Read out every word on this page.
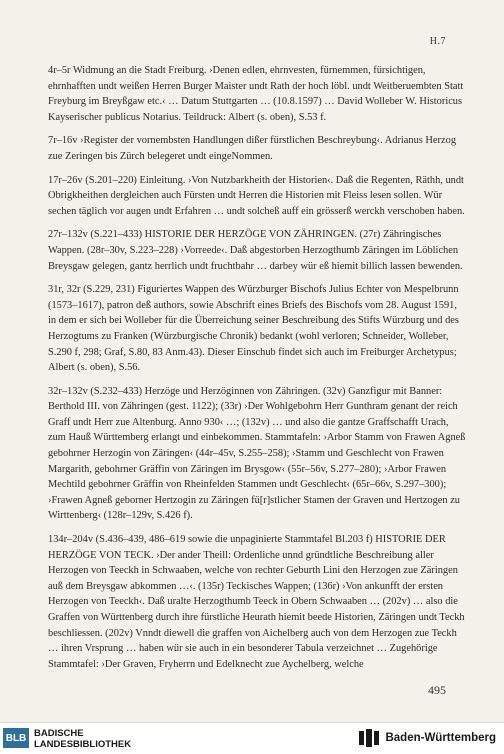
H.7

4r–5r Widmung an die Stadt Freiburg. ›Denen edlen, ehrnvesten, fürnemmen, fürsichtigen, ehrnhafften undt weißen Herren Burger Maister undt Rath der hoch löbl. undt Weitberuembten Statt Freyburg im Breyßgaw etc.‹ … Datum Stuttgarten … (10.8.1597) … David Wolleber W. Historicus Kayserischer publicus Notarius. Teildruck: Albert (s. oben), S.53 f.

7r–16v ›Register der vornembsten Handlungen dißer fürstlichen Beschreybung‹. Adrianus Herzog zue Zeringen bis Zürch belegeret undt eingeNommen.

17r–26v (S.201–220) Einleitung. ›Von Nutzbarkheith der Historien‹. Daß die Regenten, Räthh, undt Obrigkheithen dergleichen auch Fürsten undt Herren die Historien mit Fleiss lesen sollen. Wür sechen täglich vor augen undt Erfahren … undt solcheß auff ein grösserß werckh verschoben haben.

27r–132v (S.221–433) HISTORIE DER HERZÖGE VON ZÄHRINGEN. (27r) Zähringisches Wappen. (28r–30v, S.223–228) ›Vorreede‹. Daß abgestorben Herzogthumb Zäringen im Löblichen Breysgaw gelegen, gantz herrlich undt fruchtbahr … darbey wür eß hiemit billich lassen bewenden.

31r, 32r (S.229, 231) Figuriertes Wappen des Würzburger Bischofs Julius Echter von Mespelbrunn (1573–1617), patron deß authors, sowie Abschrift eines Briefs des Bischofs vom 28. August 1591, in dem er sich bei Wolleber für die Überreichung seiner Beschreibung des Stifts Würzburg und des Herzogtums zu Franken (Würzburgische Chronik) bedankt (wohl verloren; Schneider, Wolleber, S.290 f, 298; Graf, S.80, 83 Anm.43). Dieser Einschub findet sich auch im Freiburger Archetypus; Albert (s. oben), S.56.

32r–132v (S.232–433) Herzöge und Herzöginnen von Zähringen. (32v) Ganzfigur mit Banner: Berthold III. von Zähringen (gest. 1122); (33r) ›Der Wohlgebohrn Herr Gunthram genant der reich Graff undt Herr zue Altenburg. Anno 930‹ …; (132v) … und also die gantze Graffschafft Urach, zum Hauß Württemberg erlangt und einbekommen. Stammtafeln: ›Arbor Stamm von Frawen Agneß gebohrner Herzogin von Zäringen‹ (44r–45v, S.255–258); ›Stamm und Geschlecht von Frawen Margarith, gebohrner Gräffin von Zäringen im Brysgow‹ (55r–56v, S.277–280); ›Arbor Frawen Mechtild gebohrner Gräffin von Rheinfelden Stammen undt Geschlecht‹ (65r–66v, S.297–300); ›Frawen Agneß geborner Hertzogin zu Zäringen fü[r]stlicher Stamen der Graven und Hertzogen zu Wirttenberg‹ (128r–129v, S.426 f).

134r–204v (S.436–439, 486–619 sowie die unpaginierte Stammtafel Bl.203 f) HISTORIE DER HERZÖGE VON TECK. ›Der ander Theill: Ordenliche unnd gründtliche Beschreibung aller Herzogen von Teeckh in Schwaaben, welche von rechter Geburth Lini den Herzogen zue Zäringen auß dem Breysgaw abkommen …‹. (135r) Teckisches Wappen; (136r) ›Von ankunfft der ersten Herzogen von Teeckh‹. Daß uralte Herzogthumb Teeck in Obern Schwaaben … (202v) … also die Graffen von Württenberg durch ihre fürstliche Heurath hiemit beede Historien, Zäringen undt Teckh beschliessen. (202v) Vnndt diewell die graffen von Aichelberg auch von dem Herzogen zue Teckh … ihren Vrsprung … haben wür sie auch in ein besonderer Tabula verzeichnet … Zugehörige Stammtafel: ›Der Graven, Fryherrn und Edelknecht zue Aychelberg, welche

495
BLB BADISCHE
LANDESBIBLIOTHEK
Baden-Württemberg
